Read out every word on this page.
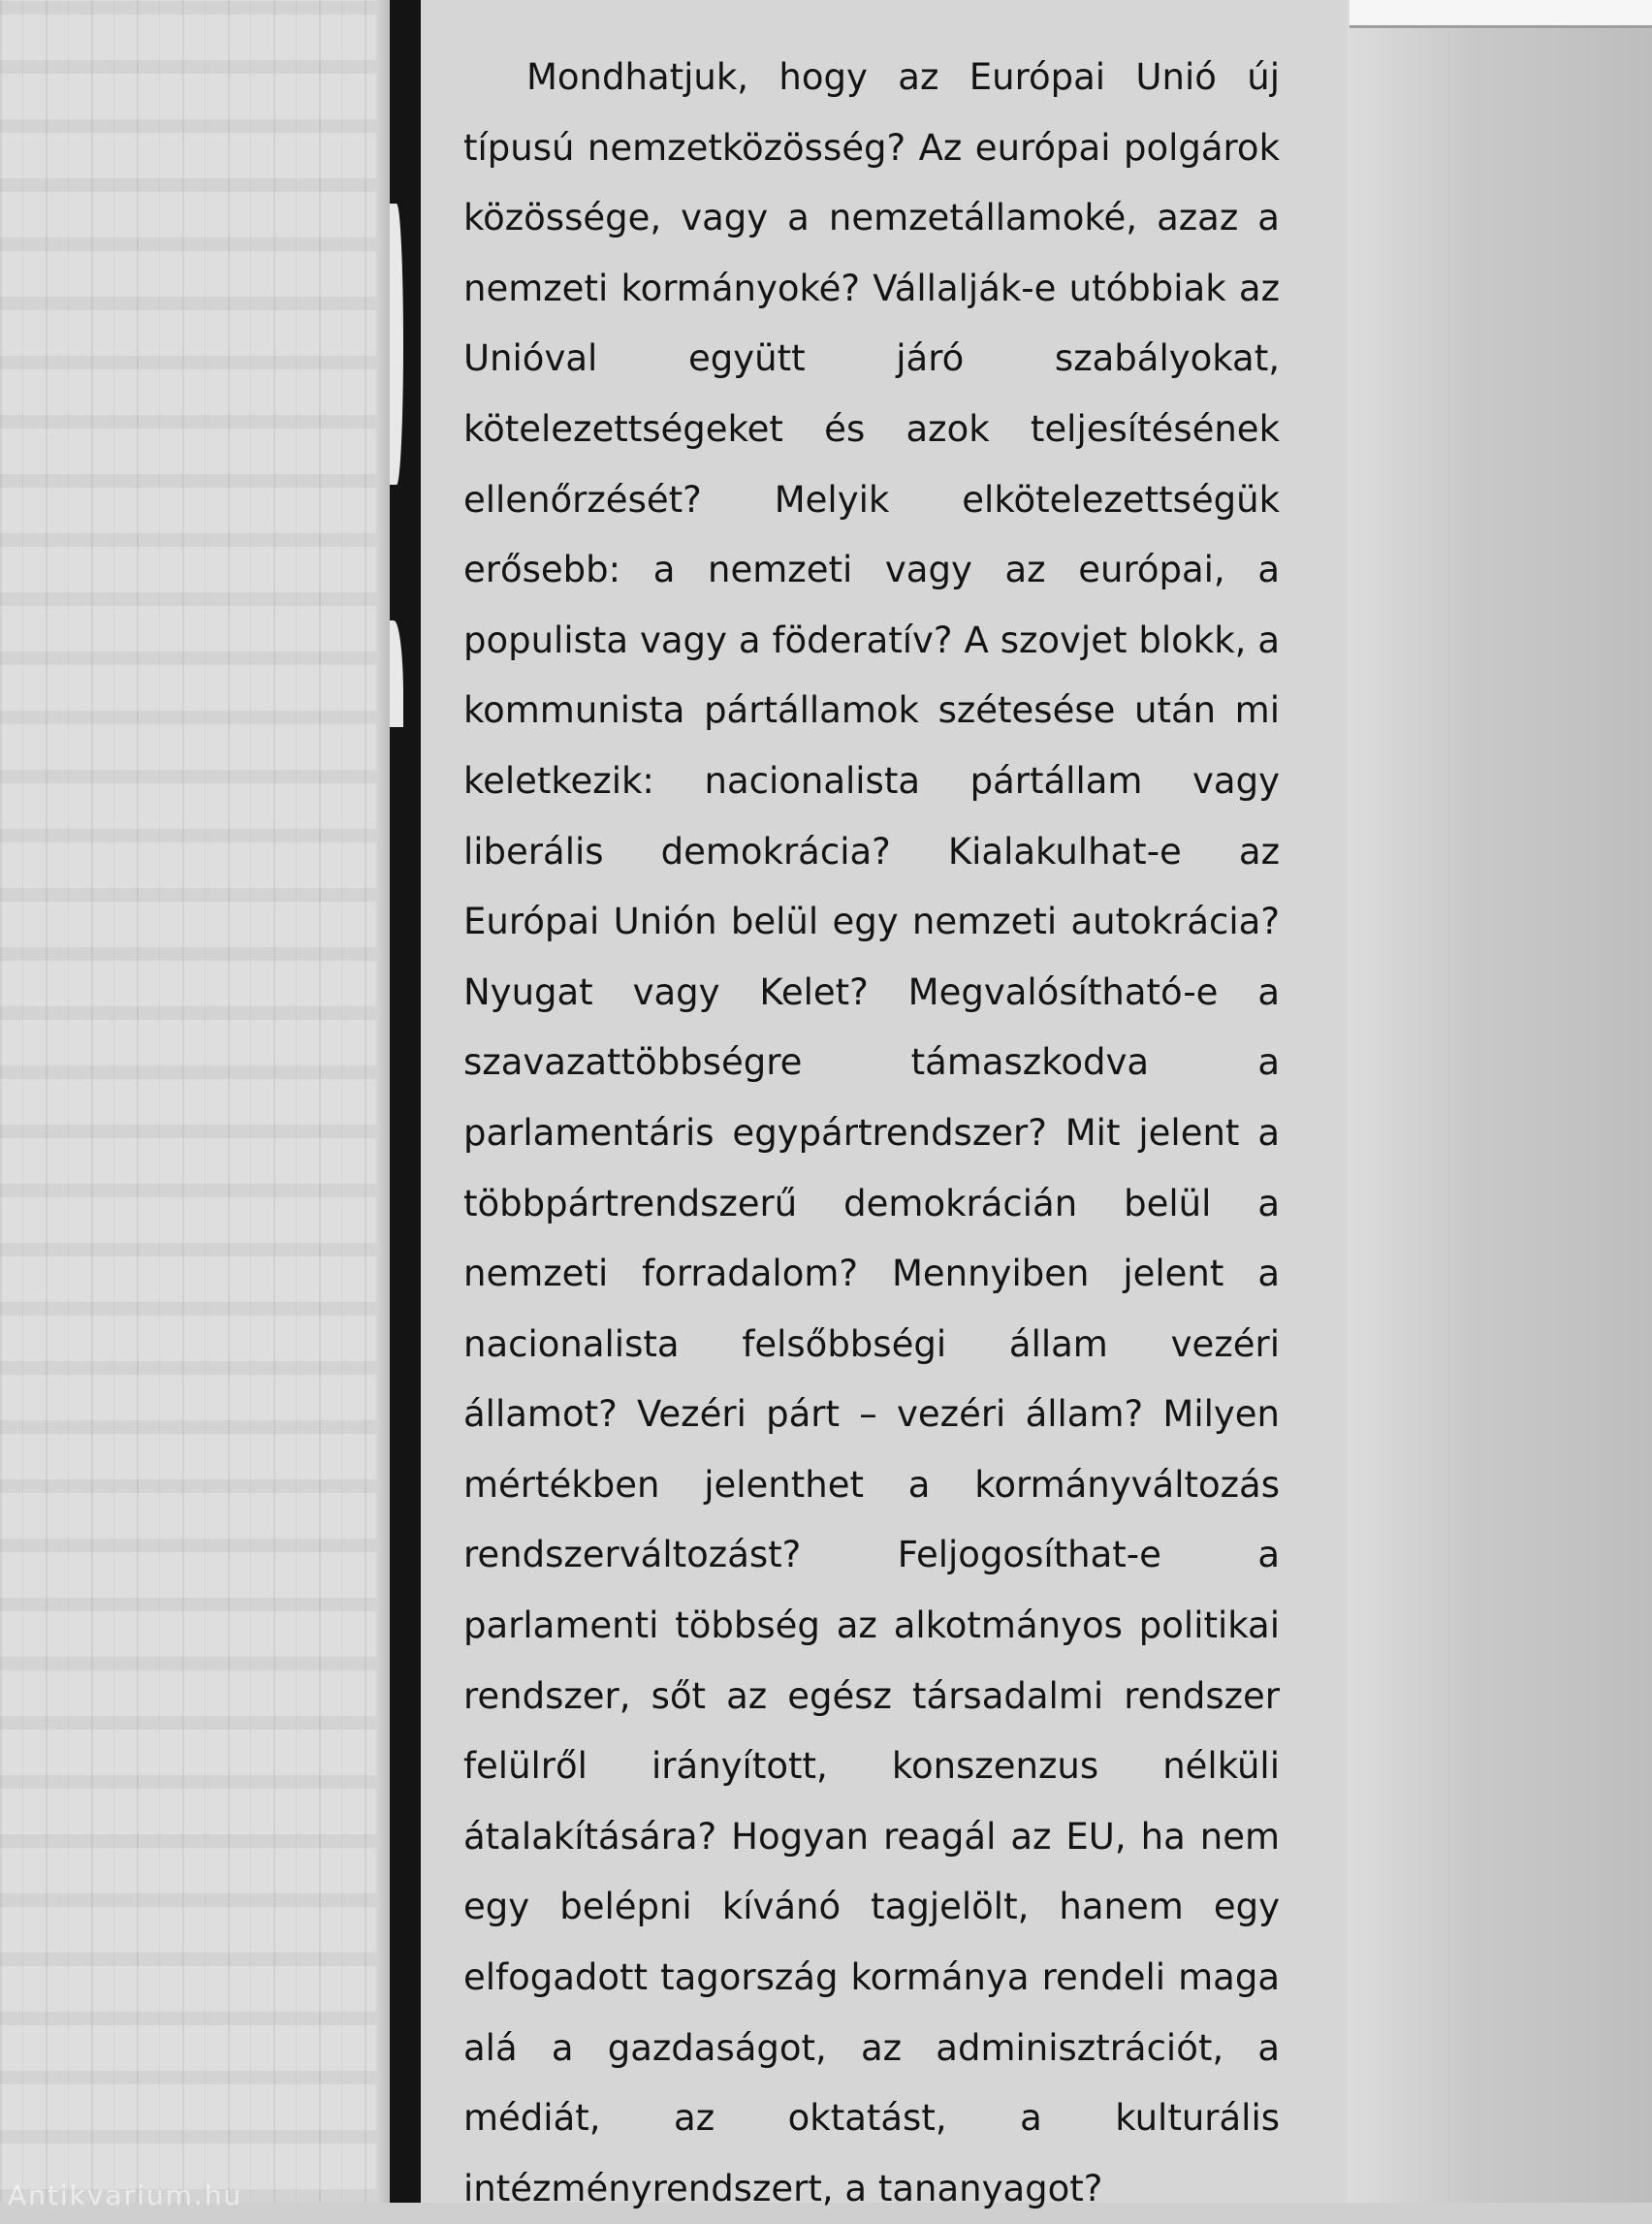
Mondhatjuk, hogy az Európai Unió új típusú nemzetközösség? Az európai polgárok közössége, vagy a nemzetállamoké, azaz a nemzeti kormányoké? Vállalják-e utóbbiak az Unióval együtt járó szabályokat, kötelezettségeket és azok teljesítésének ellenőrzését? Melyik elkötelezettségük erősebb: a nemzeti vagy az európai, a populista vagy a föderatív? A szovjet blokk, a kommunista pártállamok szétesése után mi keletkezik: nacionalista pártállam vagy liberális demokrácia? Kialakulhat-e az Európai Unión belül egy nemzeti autokrácia? Nyugat vagy Kelet? Megvalósítható-e a szavazattöbbségre támaszkodva a parlamentáris egypártrendszer? Mit jelent a többpártrendszerű demokrácián belül a nemzeti forradalom? Mennyiben jelent a nacionalista felsőbbségi állam vezéri államot? Vezéri párt – vezéri állam? Milyen mértékben jelenthet a kormányváltozás rendszerváltozást? Feljogosíthat-e a parlamenti többség az alkotmányos politikai rendszer, sőt az egész társadalmi rendszer felülről irányított, konszenzus nélküli átalakítására? Hogyan reagál az EU, ha nem egy belépni kívánó tagjelölt, hanem egy elfogadott tagország kormánya rendeli maga alá a gazdaságot, az adminisztrációt, a médiát, az oktatást, a kulturális intézményrendszert, a tananyagot?

Antikvarium.hu
